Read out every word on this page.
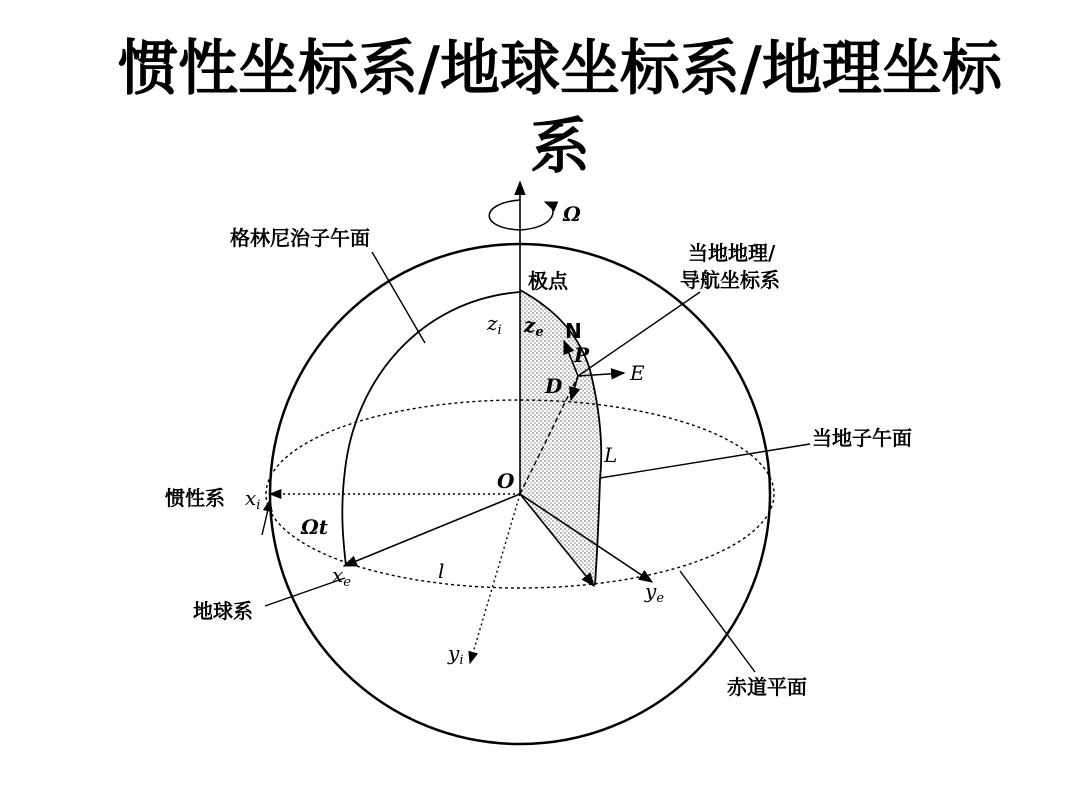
惯性坐标系/地球坐标系/地理坐标系
Ω
格林尼治子午面
极点
当地地理/
导航坐标系
当地子午面
惯性系
地球系
赤道平面
$z_i$ $z_e$ N
P
D
E
L
O
$x_i$
Ωt
$x_e$	l
$y_e$
$y_i$
